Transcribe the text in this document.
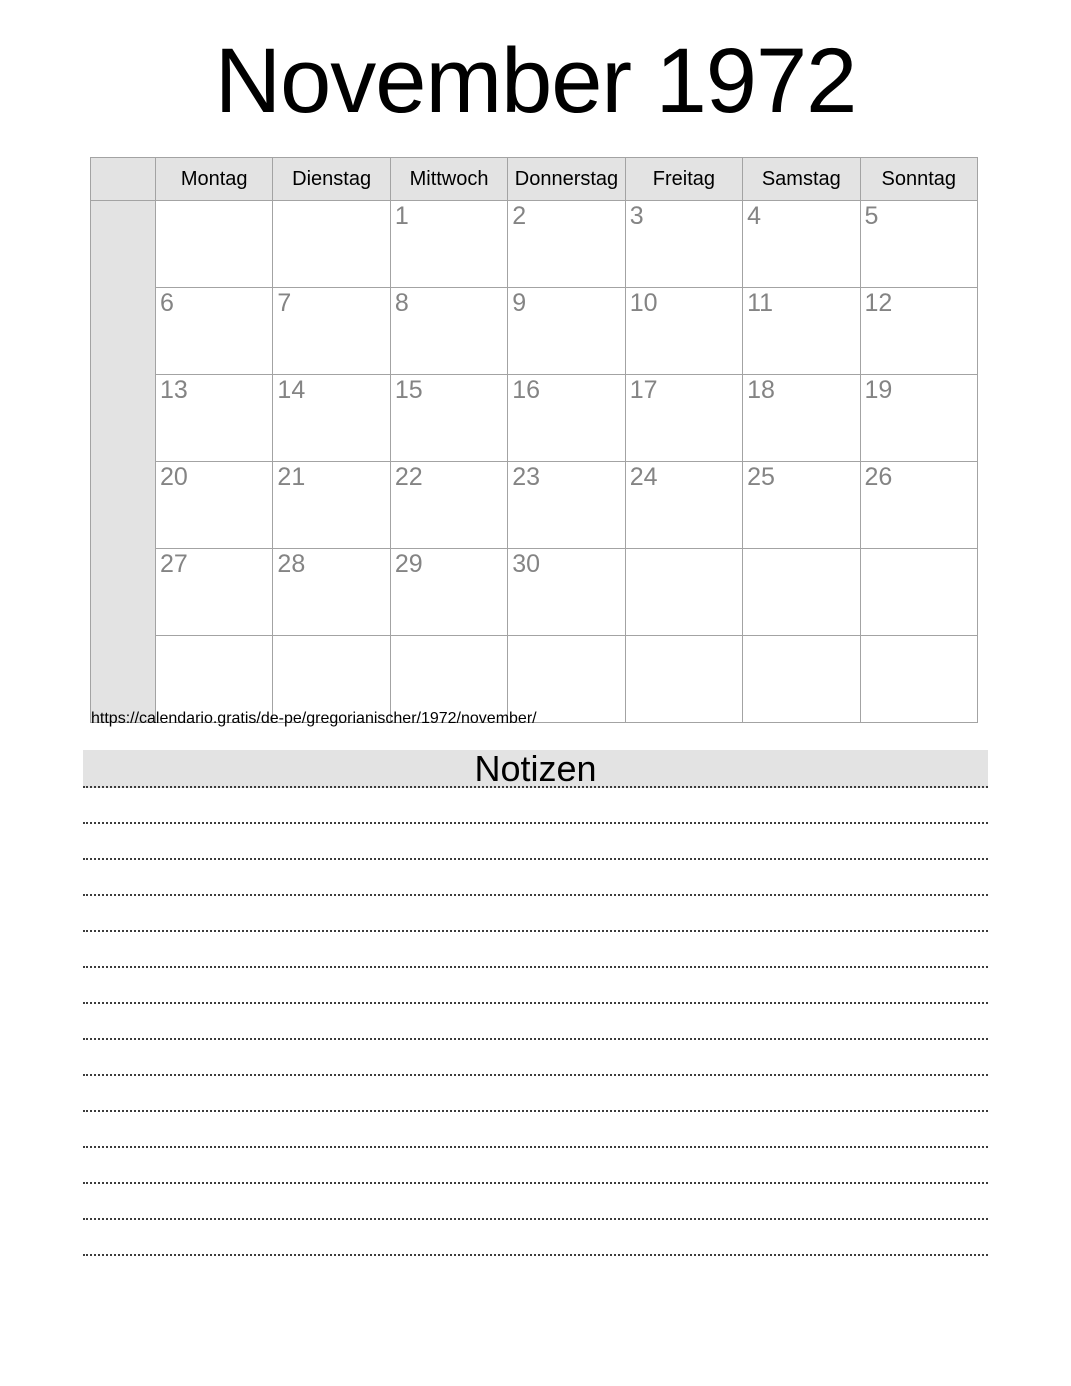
November 1972
	Montag	Dienstag	Mittwoch	Donnerstag	Freitag	Samstag	Sonntag
			1	2	3	4	5
	6	7	8	9	10	11	12
	13	14	15	16	17	18	19
	20	21	22	23	24	25	26
	27	28	29	30			

https://calendario.gratis/de-pe/gregorianischer/1972/november/
Notizen
